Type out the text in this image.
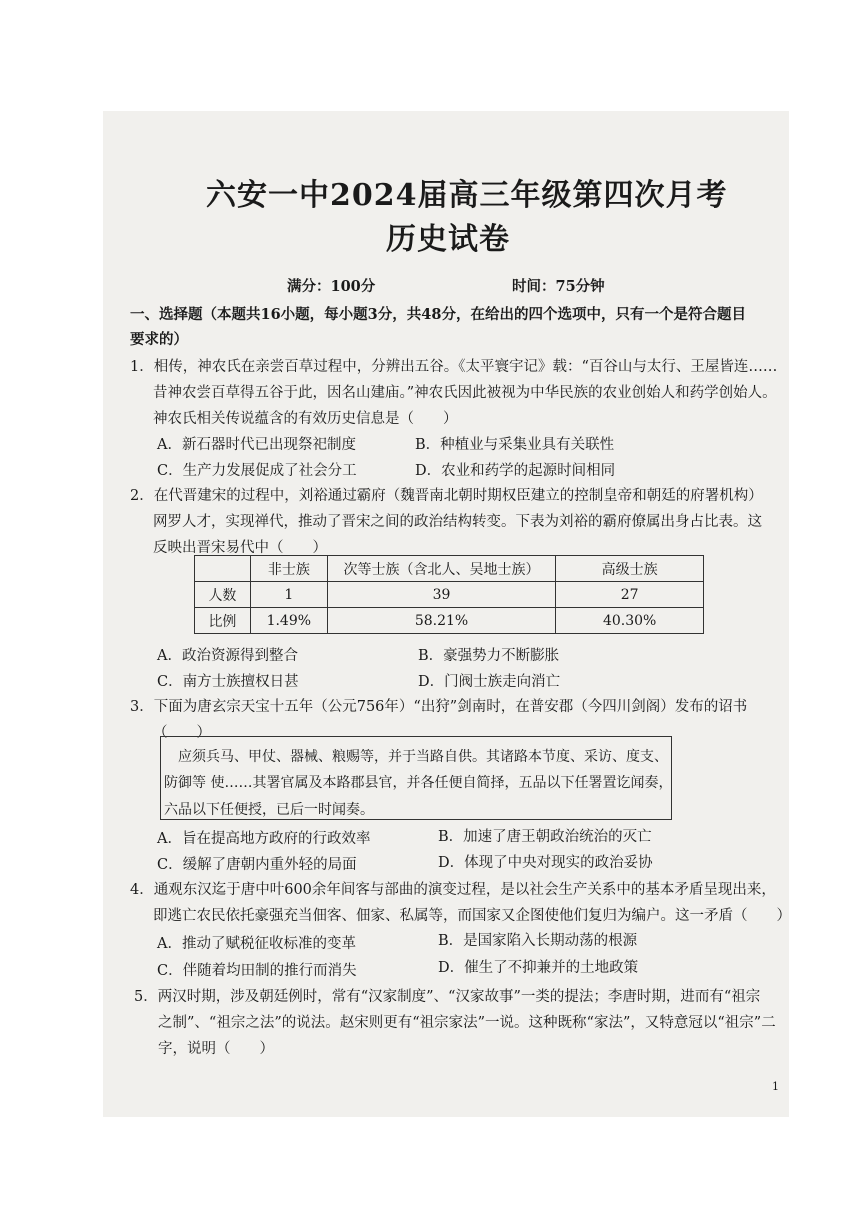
六安一中2024届高三年级第四次月考
历史试卷
满分：100分	时间：75分钟
一、选择题（本题共16小题，每小题3分，共48分，在给出的四个选项中，只有一个是符合题目
要求的）
1．相传，神农氏在亲尝百草过程中，分辨出五谷。《太平寰宇记》载：“百谷山与太行、王屋皆连……
昔神农尝百草得五谷于此，因名山建庙。”神农氏因此被视为中华民族的农业创始人和药学创始人。
神农氏相关传说蕴含的有效历史信息是（　　）
A．新石器时代已出现祭祀制度	B．种植业与采集业具有关联性
C．生产力发展促成了社会分工	D．农业和药学的起源时间相同
2．在代晋建宋的过程中，刘裕通过霸府（魏晋南北朝时期权臣建立的控制皇帝和朝廷的府署机构）
网罗人才，实现禅代，推动了晋宋之间的政治结构转变。下表为刘裕的霸府僚属出身占比表。这
反映出晋宋易代中（　　）
	非士族	次等士族（含北人、吴地士族）	高级士族
人数	1	39	27
比例	1.49%	58.21%	40.30%
A．政治资源得到整合	B．豪强势力不断膨胀
C．南方士族擅权日甚	D．门阀士族走向消亡
3．下面为唐玄宗天宝十五年（公元756年）“出狩”剑南时，在普安郡（今四川剑阁）发布的诏书
（　　）
应须兵马、甲仗、器械、粮赐等，并于当路自供。其诸路本节度、采访、度支、
防御等 使……其署官属及本路郡县官，并各任便自简择，五品以下任署置讫闻奏，
六品以下任便授，已后一时闻奏。
A．旨在提高地方政府的行政效率	B．加速了唐王朝政治统治的灭亡
C．缓解了唐朝内重外轻的局面	D．体现了中央对现实的政治妥协
4．通观东汉迄于唐中叶600余年间客与部曲的演变过程，是以社会生产关系中的基本矛盾呈现出来，
即逃亡农民依托豪强充当佃客、佃家、私属等，而国家又企图使他们复归为编户。这一矛盾（　　）
A．推动了赋税征收标准的变革	B．是国家陷入长期动荡的根源
C．伴随着均田制的推行而消失	D．催生了不抑兼并的土地政策
5．两汉时期，涉及朝廷例时，常有“汉家制度”、“汉家故事”一类的提法；李唐时期，进而有“祖宗
之制”、“祖宗之法”的说法。赵宋则更有“祖宗家法”一说。这种既称“家法”，又特意冠以“祖宗”二
字，说明（　　）
1
